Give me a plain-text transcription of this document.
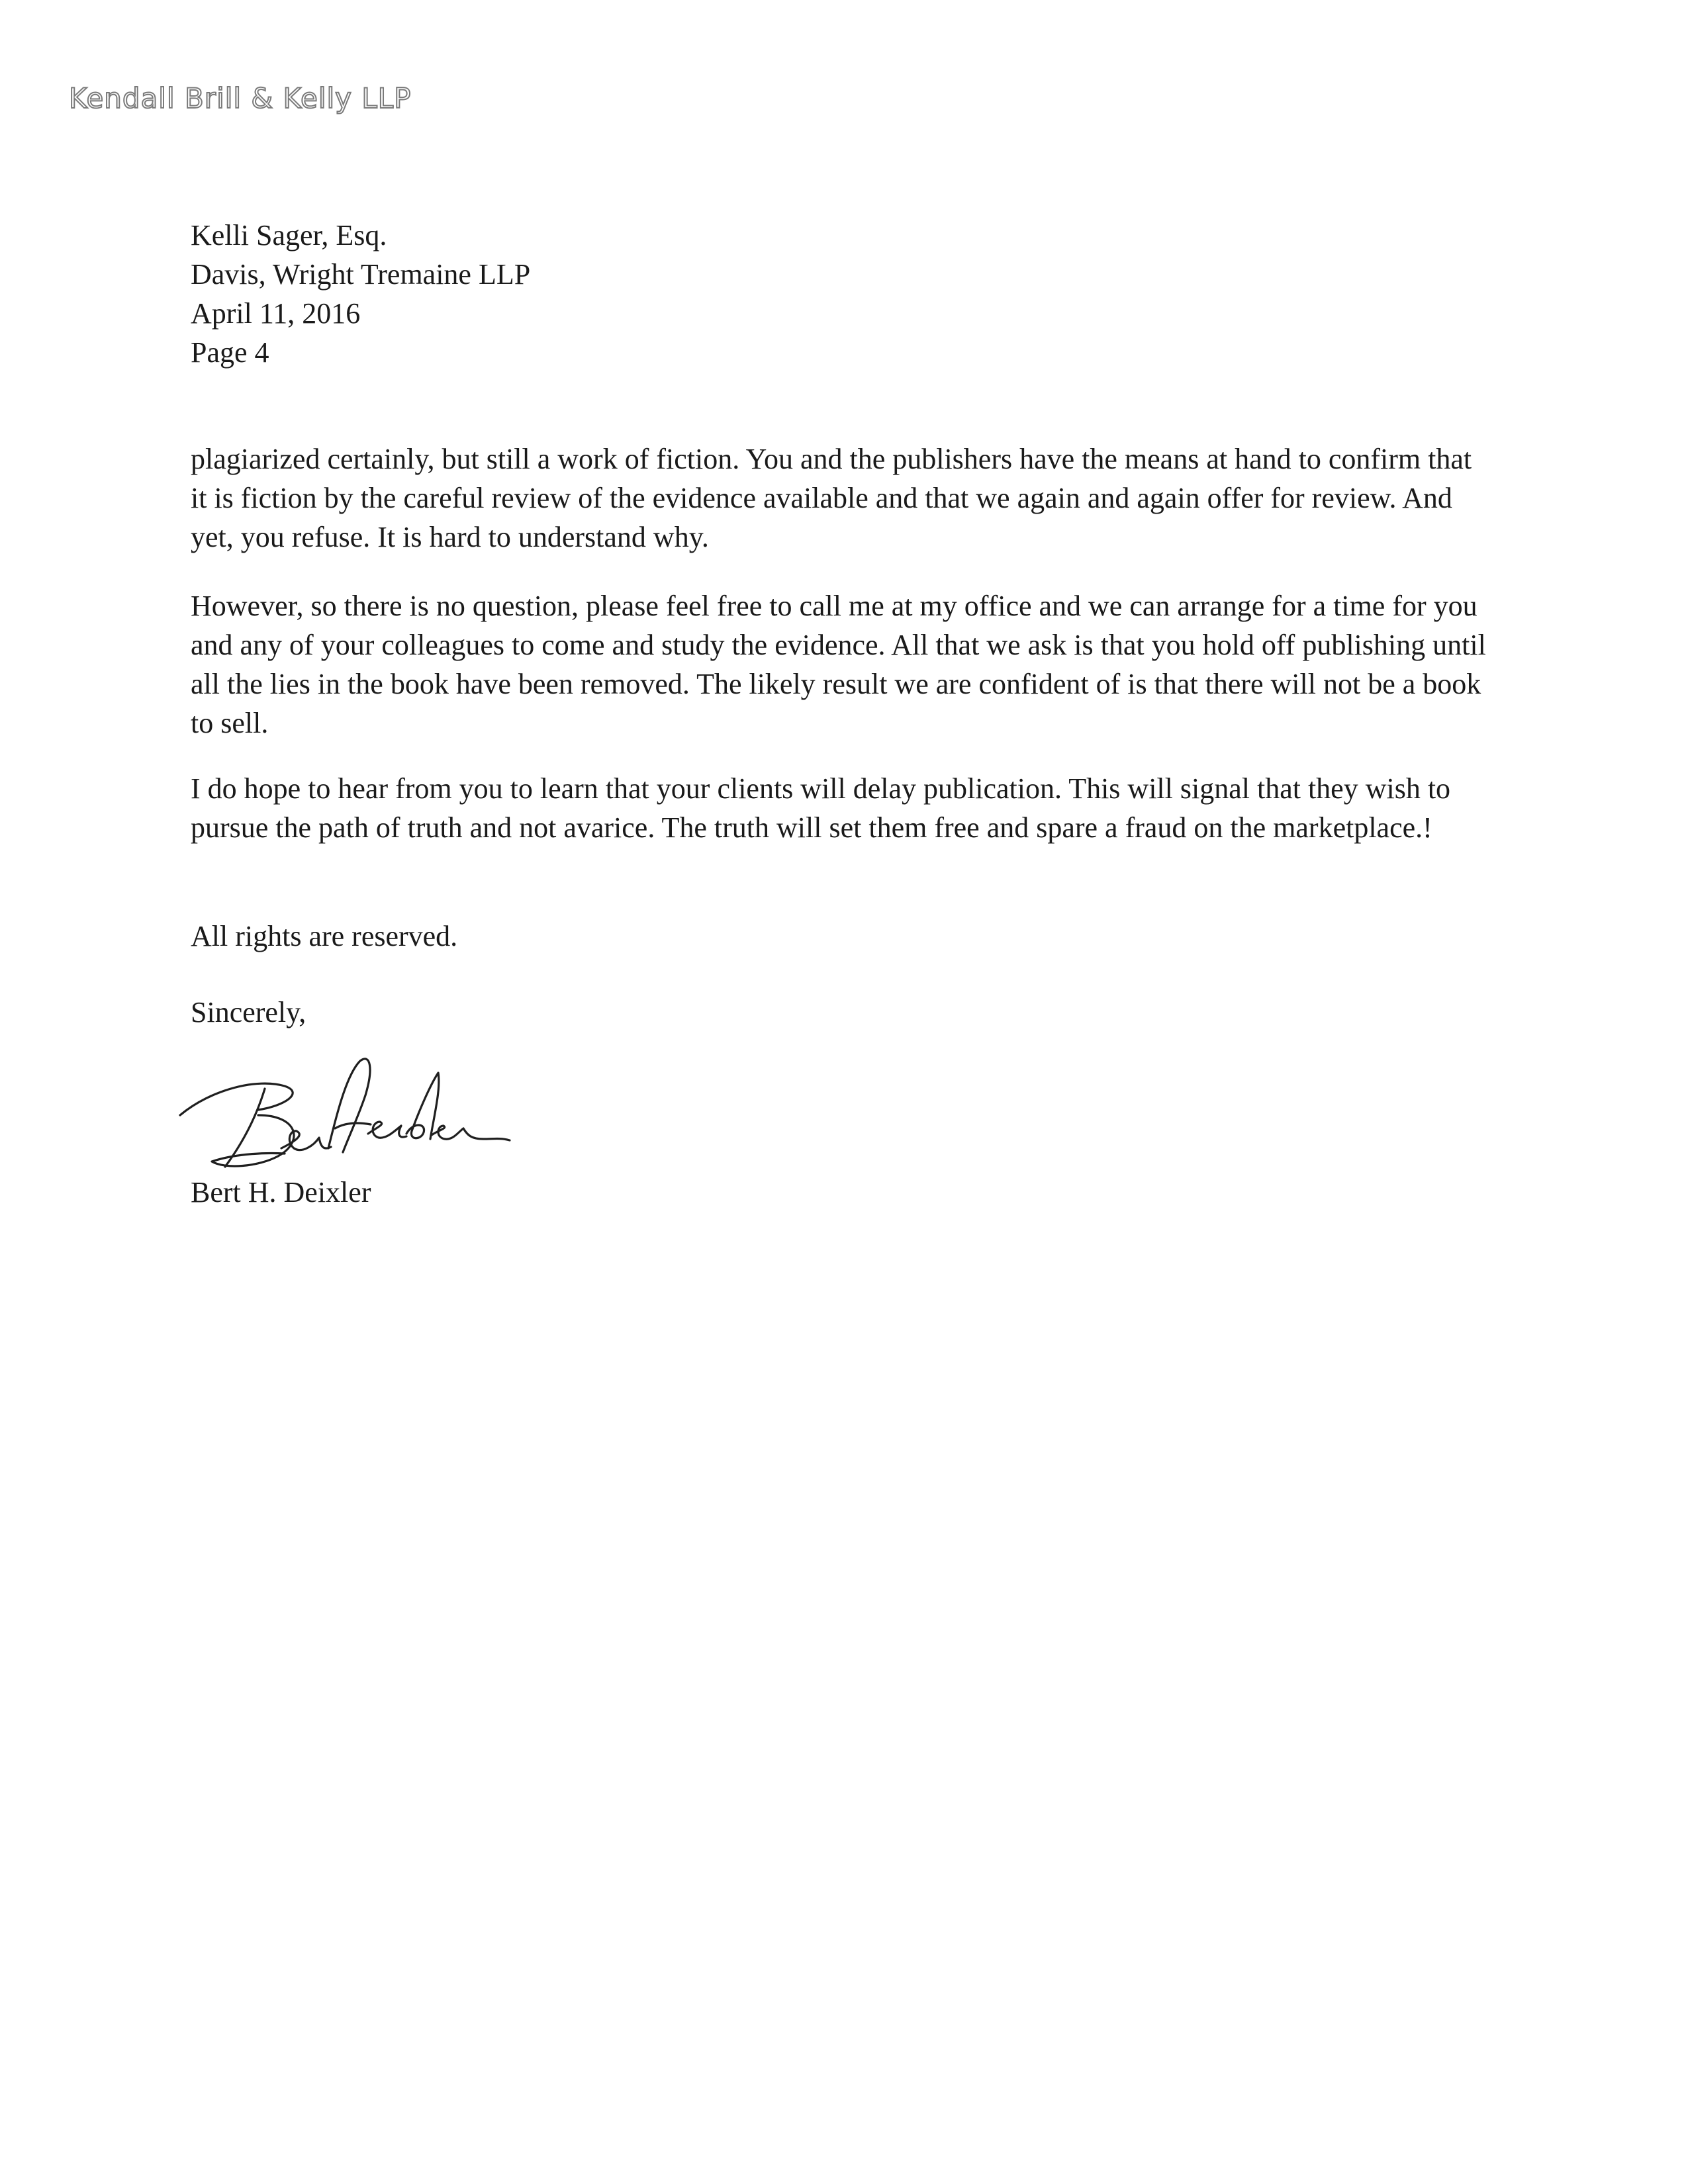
Kendall Brill & Kelly LLP
Kelli Sager, Esq.
Davis, Wright Tremaine LLP
April 11, 2016
Page 4

plagiarized certainly, but still a work of fiction. You and the publishers have the means at hand to confirm that it is fiction by the careful review of the evidence available and that we again and again offer for review. And yet, you refuse. It is hard to understand why.

However, so there is no question, please feel free to call me at my office and we can arrange for a time for you and any of your colleagues to come and study the evidence. All that we ask is that you hold off publishing until all the lies in the book have been removed. The likely result we are confident of is that there will not be a book to sell.

I do hope to hear from you to learn that your clients will delay publication. This will signal that they wish to pursue the path of truth and not avarice. The truth will set them free and spare a fraud on the marketplace.!

All rights are reserved.

Sincerely,

Bert H. Deixler
